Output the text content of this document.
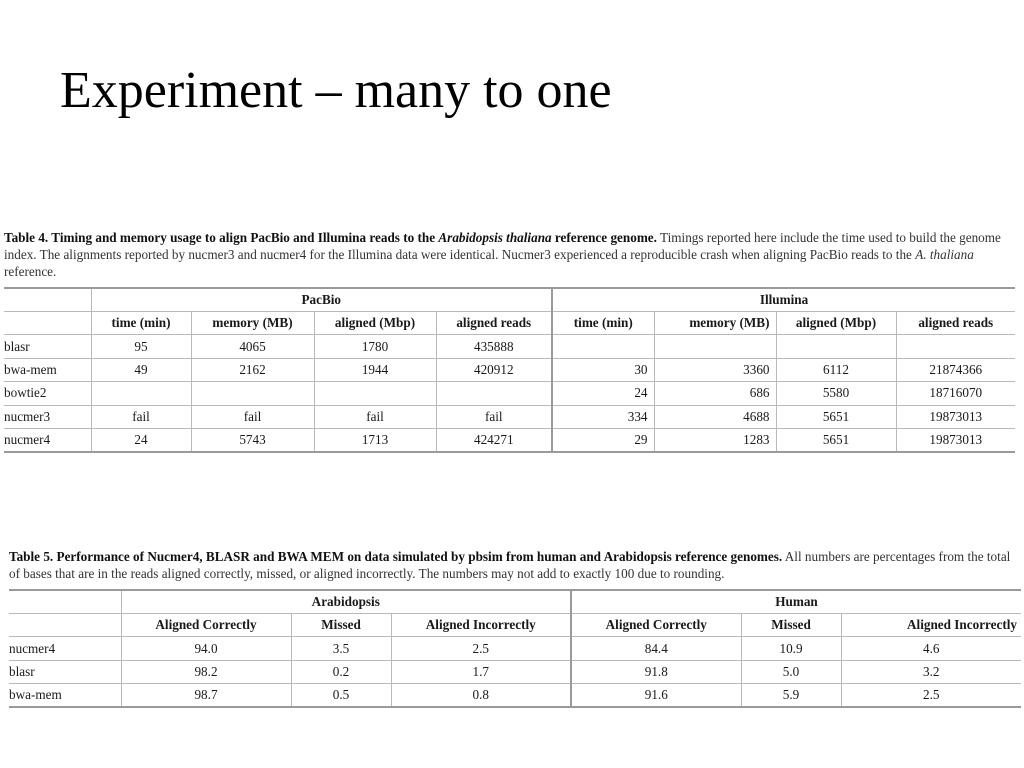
Experiment – many to one
Table 4. Timing and memory usage to align PacBio and Illumina reads to the Arabidopsis thaliana reference genome. Timings reported here include the time used to build the genome index. The alignments reported by nucmer3 and nucmer4 for the Illumina data were identical. Nucmer3 experienced a reproducible crash when aligning PacBio reads to the A. thaliana reference.
	PacBio				Illumina			
	time (min)	memory (MB)	aligned (Mbp)	aligned reads	time (min)	memory (MB)	aligned (Mbp)	aligned reads
blasr	95	4065	1780	435888				
bwa-mem	49	2162	1944	420912	30	3360	6112	21874366
bowtie2					24	686	5580	18716070
nucmer3	fail	fail	fail	fail	334	4688	5651	19873013
nucmer4	24	5743	1713	424271	29	1283	5651	19873013
Table 5. Performance of Nucmer4, BLASR and BWA MEM on data simulated by pbsim from human and Arabidopsis reference genomes. All numbers are percentages from the total of bases that are in the reads aligned correctly, missed, or aligned incorrectly. The numbers may not add to exactly 100 due to rounding.
	Arabidopsis			Human		
	Aligned Correctly	Missed	Aligned Incorrectly	Aligned Correctly	Missed	Aligned Incorrectly
nucmer4	94.0	3.5	2.5	84.4	10.9	4.6
blasr	98.2	0.2	1.7	91.8	5.0	3.2
bwa-mem	98.7	0.5	0.8	91.6	5.9	2.5
